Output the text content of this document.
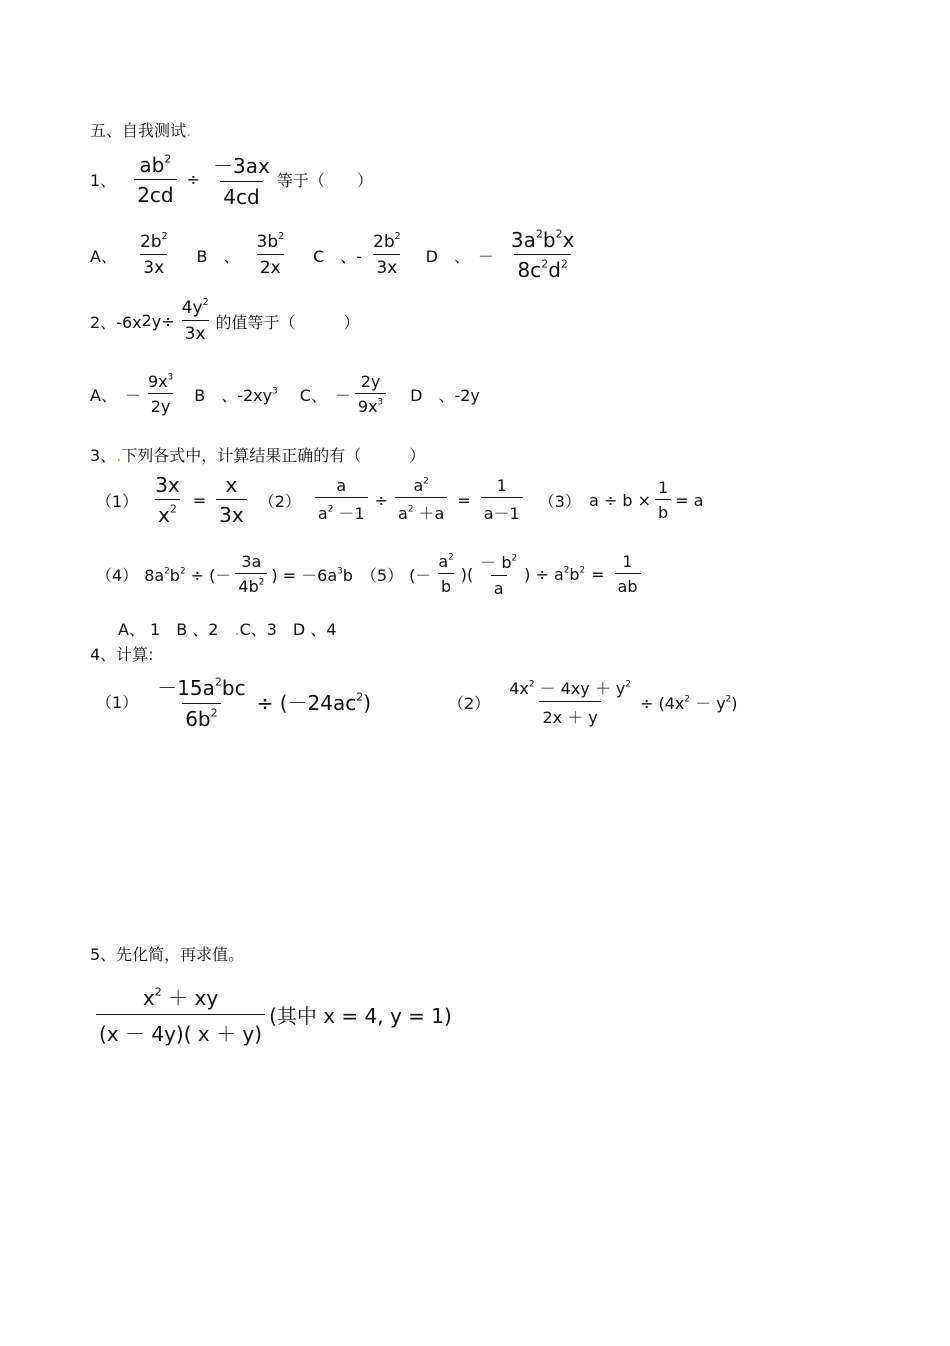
五、自我测试.
1、 $\frac{ab^2}{2cd} \div \frac{-3ax}{4cd}$ 等于（　　）
A、 $\frac{2b^2}{3x}$ B　、 $\frac{3b^2}{2x}$ C　、- $\frac{2b^2}{3x}$ D　、　－ $\frac{3a^2b^2x}{8c^2d^2}$
2、-6x 2 $y\div \frac{4y^2}{3x}$ 的值等于（　　　）
A、　－ $\frac{9x^3}{2y}$ B　、$-2xy^3$ C、　－ $\frac{2y}{9x^3}$ D　、-2y
3、.下列各式中，计算结果正确的有（　　　）
$(1) \frac{3x}{x^2} = \frac{x}{3x} (2) \frac{a}{a^2 -1} \div \frac{a^2}{a^2 +a} = \frac{1}{a-1} (3) a \div b \times \frac{1}{b} = a$
（4） $8a^2b^2$ ÷ (－ $\frac{3a}{4b^2}$ ) = $-6a^3b$ （5） (－ $\frac{a^2}{b}$ )( $\frac{- b^2}{a}$ ) ÷ $a^2b^2 = \frac{1}{ab}$
A、 1　B 、2　.C、3　D 、4
4、计算:
$(1) \frac{-15a^2bc}{6b^2} \div (-24ac^2)$	$(2) \frac{4x^2 - 4xy + y^2}{2x + y} \div (4x^2 - y^2)$
5、先化简，再求值。
$\frac{x^2 + xy}{(x - 4y)( x + y)}$ (其中 x = 4, y = 1)
